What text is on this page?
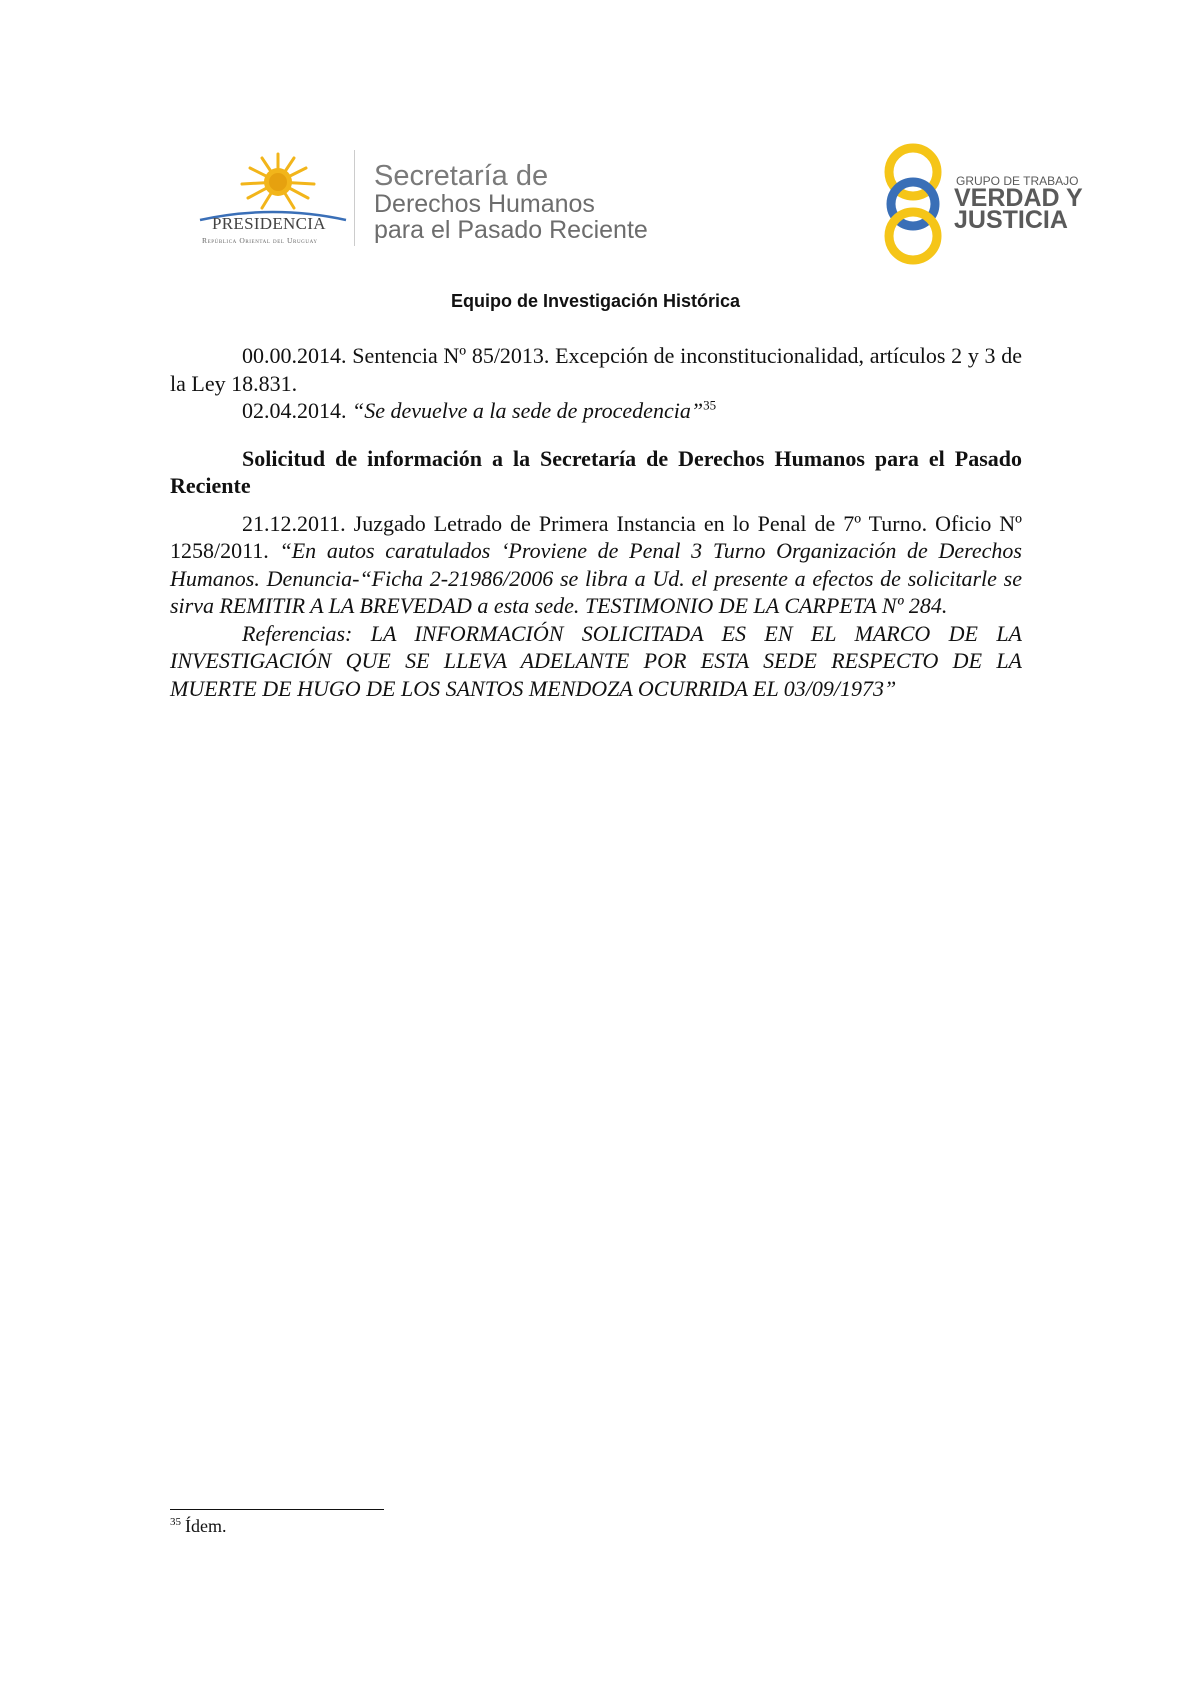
PRESIDENCIA
República Oriental del Uruguay
Secretaría de
Derechos Humanos
para el Pasado Reciente
GRUPO DE TRABAJO
VERDAD Y
JUSTICIA
Equipo de Investigación Histórica

00.00.2014. Sentencia Nº 85/2013. Excepción de inconstitucionalidad, artículos 2 y 3 de la Ley 18.831.

02.04.2014. “Se devuelve a la sede de procedencia”$^{35}$

Solicitud de información a la Secretaría de Derechos Humanos para el Pasado Reciente

21.12.2011. Juzgado Letrado de Primera Instancia en lo Penal de 7º Turno. Oficio Nº 1258/2011. “En autos caratulados ‘Proviene de Penal 3 Turno Organización de Derechos Humanos. Denuncia-“Ficha 2-21986/2006 se libra a Ud. el presente a efectos de solicitarle se sirva REMITIR A LA BREVEDAD a esta sede. TESTIMONIO DE LA CARPETA Nº 284.

Referencias: LA INFORMACIÓN SOLICITADA ES EN EL MARCO DE LA INVESTIGACIÓN QUE SE LLEVA ADELANTE POR ESTA SEDE RESPECTO DE LA MUERTE DE HUGO DE LOS SANTOS MENDOZA OCURRIDA EL 03/09/1973”

$^{35}$ Ídem.
